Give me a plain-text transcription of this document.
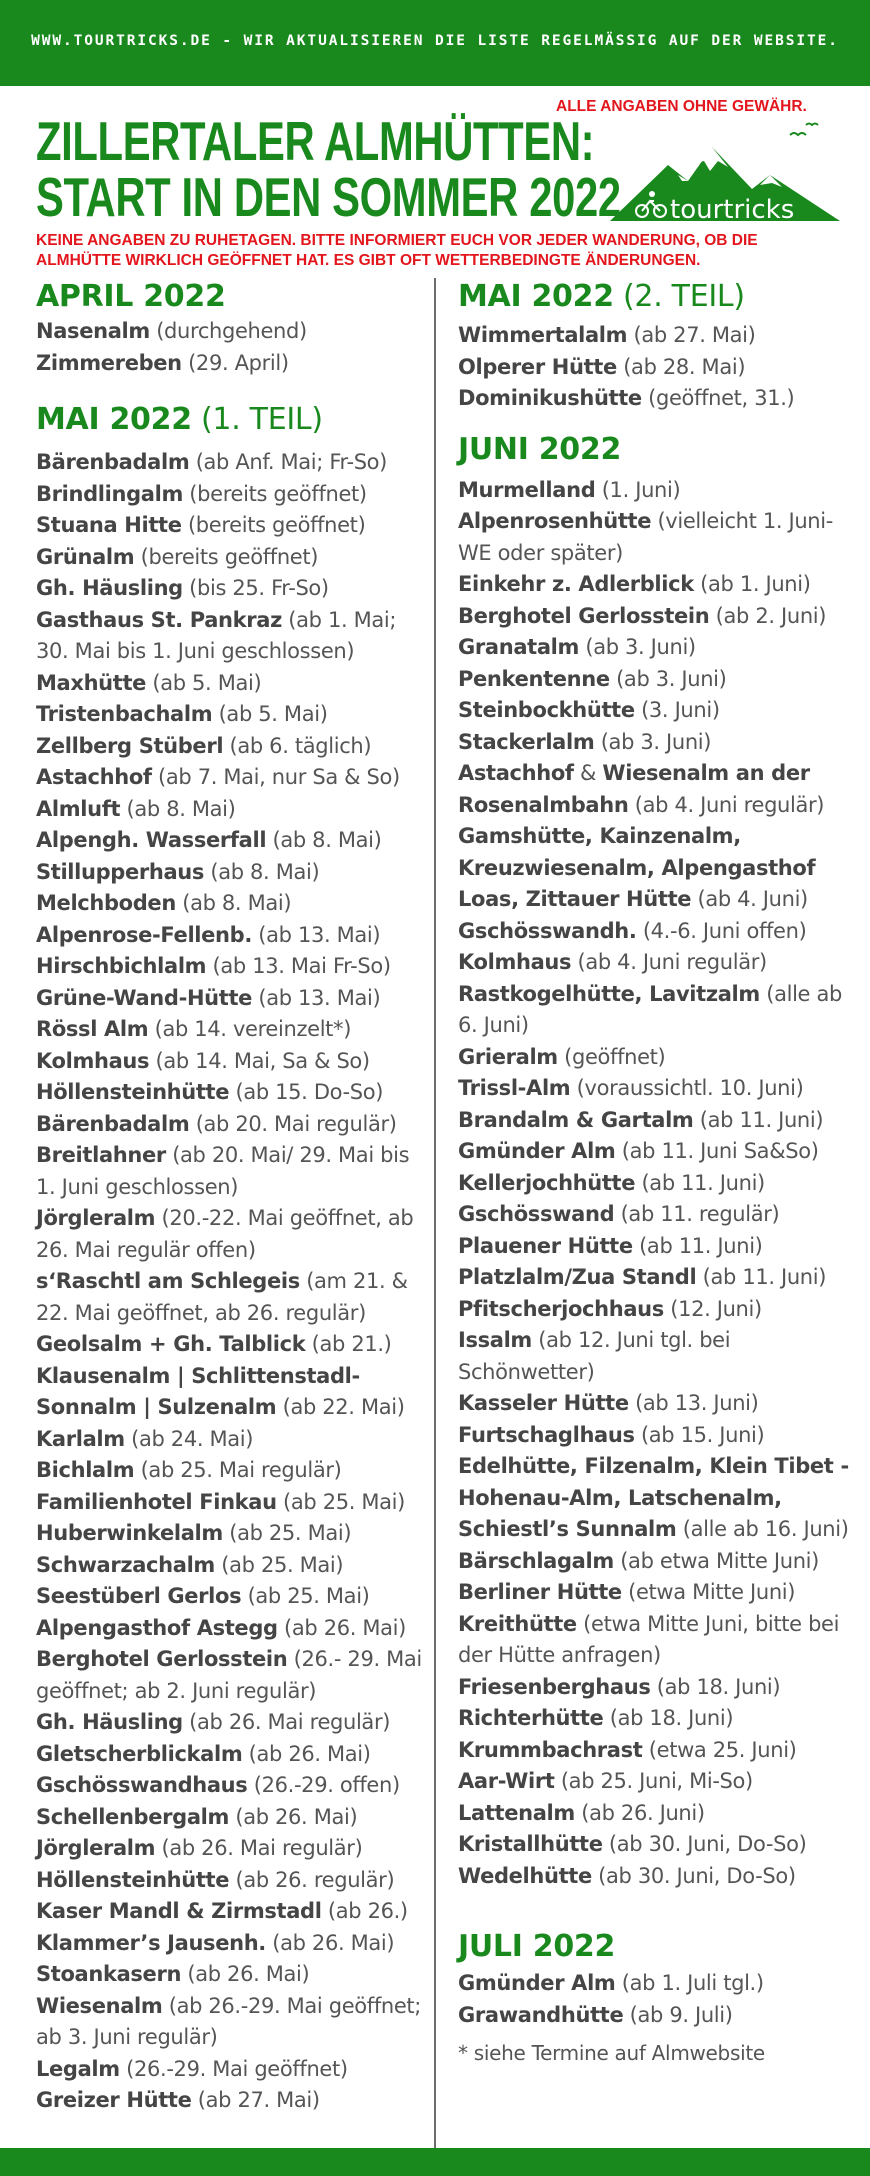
WWW.TOURTRICKS.DE - WIR AKTUALISIEREN DIE LISTE REGELMÄSSIG AUF DER WEBSITE.
ALLE ANGABEN OHNE GEWÄHR.
ZILLERTALER ALMHÜTTEN:
START IN DEN SOMMER 2022 tourtricks
KEINE ANGABEN ZU RUHETAGEN. BITTE INFORMIERT EUCH VOR JEDER WANDERUNG, OB DIE ALMHÜTTE WIRKLICH GEÖFFNET HAT. ES GIBT OFT WETTERBEDINGTE ÄNDERUNGEN.
APRIL 2022
Nasenalm (durchgehend)
Zimmereben (29. April)
MAI 2022 (1. TEIL)
Bärenbadalm (ab Anf. Mai; Fr-So)
Brindlingalm (bereits geöffnet)
Stuana Hitte (bereits geöffnet)
Grünalm (bereits geöffnet)
Gh. Häusling (bis 25. Fr-So)
Gasthaus St. Pankraz (ab 1. Mai; 30. Mai bis 1. Juni geschlossen)
Maxhütte (ab 5. Mai)
Tristenbachalm (ab 5. Mai)
Zellberg Stüberl (ab 6. täglich)
Astachhof (ab 7. Mai, nur Sa & So)
Almluft (ab 8. Mai)
Alpengh. Wasserfall (ab 8. Mai)
Stillupperhaus (ab 8. Mai)
Melchboden (ab 8. Mai)
Alpenrose-Fellenb. (ab 13. Mai)
Hirschbichlalm (ab 13. Mai Fr-So)
Grüne-Wand-Hütte (ab 13. Mai)
Rössl Alm (ab 14. vereinzelt*)
Kolmhaus (ab 14. Mai, Sa & So)
Höllensteinhütte (ab 15. Do-So)
Bärenbadalm (ab 20. Mai regulär)
Breitlahner (ab 20. Mai/ 29. Mai bis 1. Juni geschlossen)
Jörgleralm (20.-22. Mai geöffnet, ab 26. Mai regulär offen)
s‘Raschtl am Schlegeis (am 21. & 22. Mai geöffnet, ab 26. regulär)
Geolsalm + Gh. Talblick (ab 21.)
Klausenalm | Schlittenstadl-Sonnalm | Sulzenalm (ab 22. Mai)
Karlalm (ab 24. Mai)
Bichlalm (ab 25. Mai regulär)
Familienhotel Finkau (ab 25. Mai)
Huberwinkelalm (ab 25. Mai)
Schwarzachalm (ab 25. Mai)
Seestüberl Gerlos (ab 25. Mai)
Alpengasthof Astegg (ab 26. Mai)
Berghotel Gerlosstein (26.- 29. Mai geöffnet; ab 2. Juni regulär)
Gh. Häusling (ab 26. Mai regulär)
Gletscherblickalm (ab 26. Mai)
Gschösswandhaus (26.-29. offen)
Schellenbergalm (ab 26. Mai)
Jörgleralm (ab 26. Mai regulär)
Höllensteinhütte (ab 26. regulär)
Kaser Mandl & Zirmstadl (ab 26.)
Klammer’s Jausenh. (ab 26. Mai)
Stoankasern (ab 26. Mai)
Wiesenalm (ab 26.-29. Mai geöffnet; ab 3. Juni regulär)
Legalm (26.-29. Mai geöffnet)
Greizer Hütte (ab 27. Mai)
MAI 2022 (2. TEIL)
Wimmertalalm (ab 27. Mai)
Olperer Hütte (ab 28. Mai)
Dominikushütte (geöffnet, 31.)
JUNI 2022
Murmelland (1. Juni)
Alpenrosenhütte (vielleicht 1. Juni-WE oder später)
Einkehr z. Adlerblick (ab 1. Juni)
Berghotel Gerlosstein (ab 2. Juni)
Granatalm (ab 3. Juni)
Penkentenne (ab 3. Juni)
Steinbockhütte (3. Juni)
Stackerlalm (ab 3. Juni)
Astachhof & Wiesenalm an der Rosenalmbahn (ab 4. Juni regulär)
Gamshütte, Kainzenalm, Kreuzwiesenalm, Alpengasthof Loas, Zittauer Hütte (ab 4. Juni)
Gschösswandh. (4.-6. Juni offen)
Kolmhaus (ab 4. Juni regulär)
Rastkogelhütte, Lavitzalm (alle ab 6. Juni)
Grieralm (geöffnet)
Trissl-Alm (voraussichtl. 10. Juni)
Brandalm & Gartalm (ab 11. Juni)
Gmünder Alm (ab 11. Juni Sa&So)
Kellerjochhütte (ab 11. Juni)
Gschösswand (ab 11. regulär)
Plauener Hütte (ab 11. Juni)
Platzlalm/Zua Standl (ab 11. Juni)
Pfitscherjochhaus (12. Juni)
Issalm (ab 12. Juni tgl. bei Schönwetter)
Kasseler Hütte (ab 13. Juni)
Furtschaglhaus (ab 15. Juni)
Edelhütte, Filzenalm, Klein Tibet - Hohenau-Alm, Latschenalm, Schiestl’s Sunnalm (alle ab 16. Juni)
Bärschlagalm (ab etwa Mitte Juni)
Berliner Hütte (etwa Mitte Juni)
Kreithütte (etwa Mitte Juni, bitte bei der Hütte anfragen)
Friesenberghaus (ab 18. Juni)
Richterhütte (ab 18. Juni)
Krummbachrast (etwa 25. Juni)
Aar-Wirt (ab 25. Juni, Mi-So)
Lattenalm (ab 26. Juni)
Kristallhütte (ab 30. Juni, Do-So)
Wedelhütte (ab 30. Juni, Do-So)
JULI 2022
Gmünder Alm (ab 1. Juli tgl.)
Grawandhütte (ab 9. Juli)
* siehe Termine auf Almwebsite
